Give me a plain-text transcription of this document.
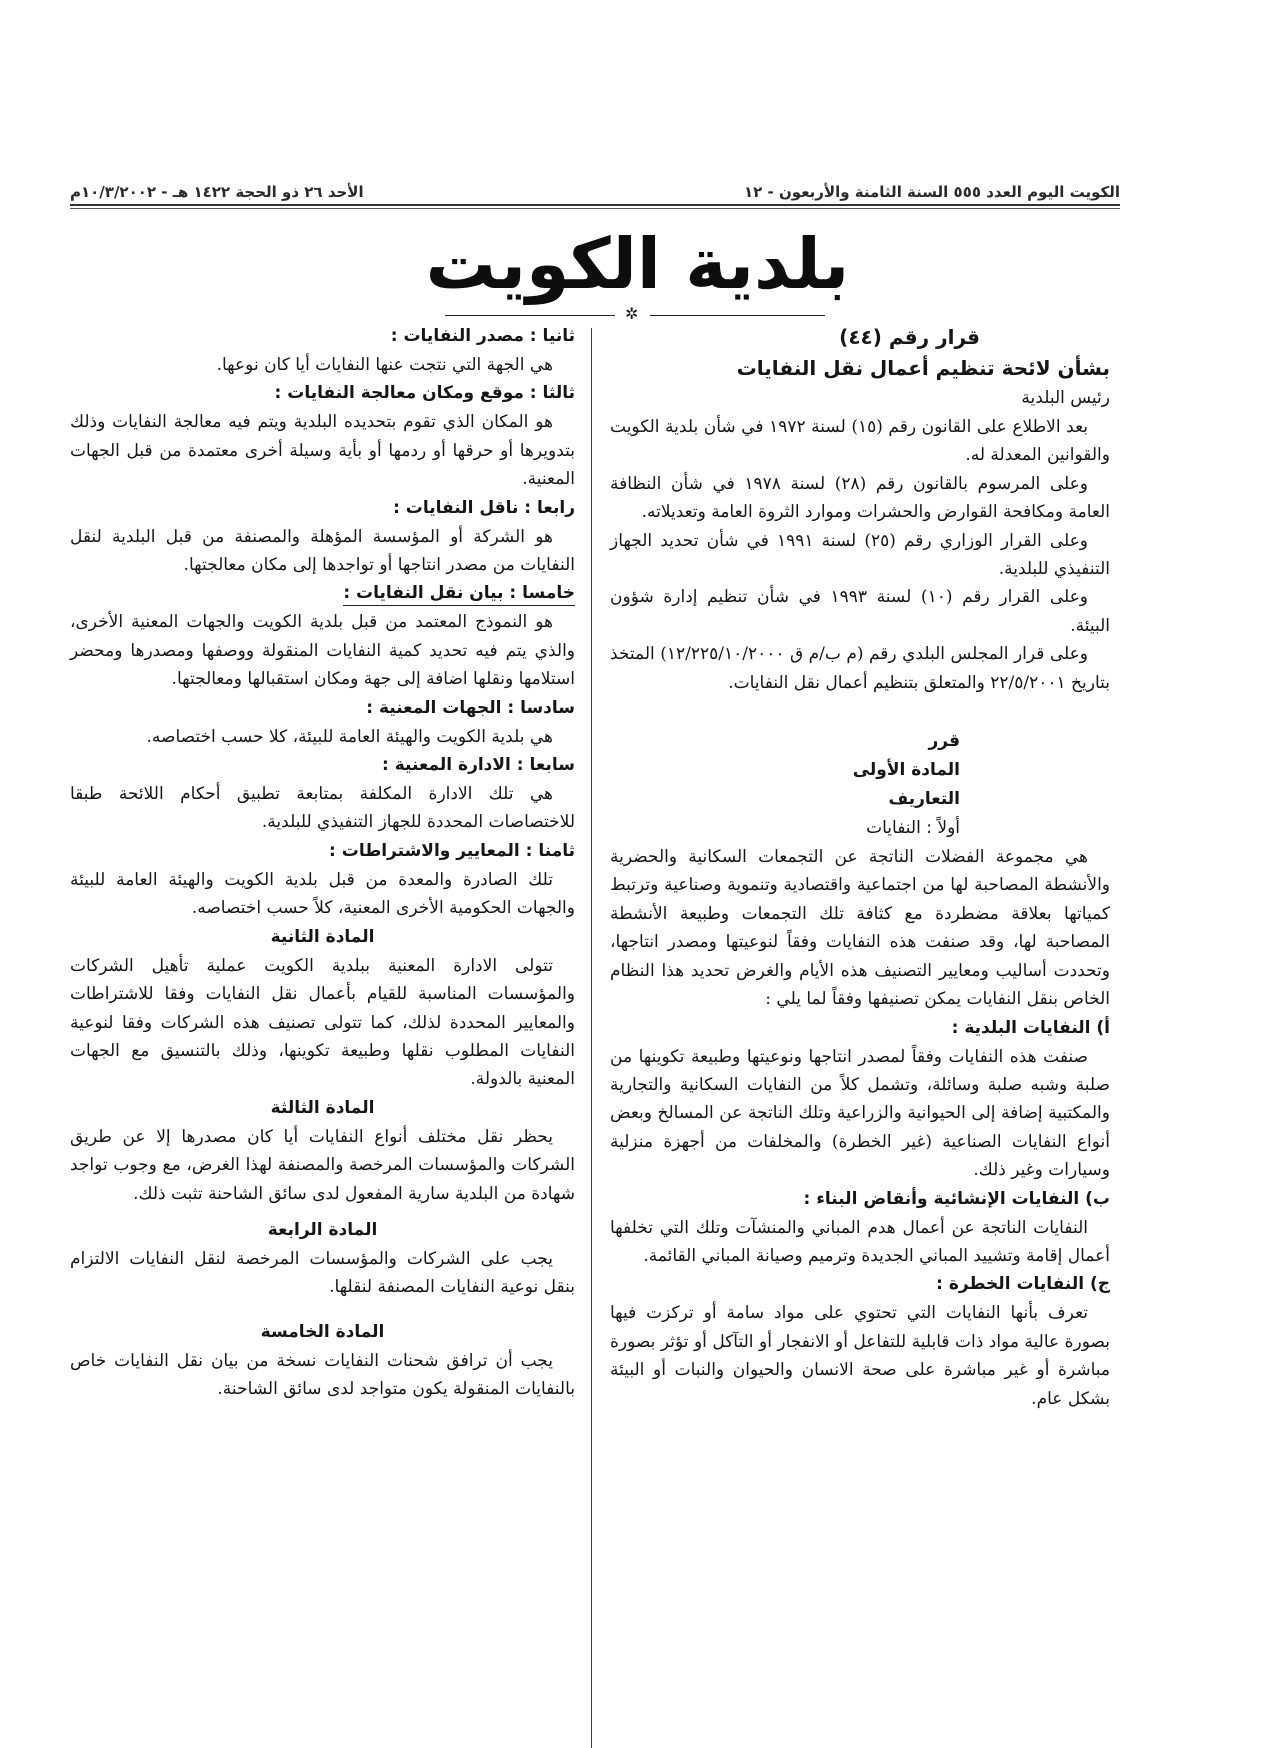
الكويت اليوم العدد ٥٥٥ السنة الثامنة والأربعون - ١٢
الأحد ٢٦ ذو الحجة ١٤٢٢ هـ - ١٠/٣/٢٠٠٢م
بلدية الكويت
✲
قرار رقم (٤٤)
بشأن لائحة تنظيم أعمال نقل النفايات

رئيس البلدية

بعد الاطلاع على القانون رقم (١٥) لسنة ١٩٧٢ في شأن بلدية الكويت والقوانين المعدلة له.

وعلى المرسوم بالقانون رقم (٢٨) لسنة ١٩٧٨ في شأن النظافة العامة ومكافحة القوارض والحشرات وموارد الثروة العامة وتعديلاته.

وعلى القرار الوزاري رقم (٢٥) لسنة ١٩٩١ في شأن تحديد الجهاز التنفيذي للبلدية.

وعلى القرار رقم (١٠) لسنة ١٩٩٣ في شأن تنظيم إدارة شؤون البيئة.

وعلى قرار المجلس البلدي رقم (م ب/م ق ١٢/٢٢٥/١٠/٢٠٠٠) المتخذ بتاريخ ٢٢/٥/٢٠٠١ والمتعلق بتنظيم أعمال نقل النفايات.

قرر

المادة الأولى

التعاريف

أولاً : النفايات

هي مجموعة الفضلات الناتجة عن التجمعات السكانية والحضرية والأنشطة المصاحبة لها من اجتماعية واقتصادية وتنموية وصناعية وترتبط كمياتها بعلاقة مضطردة مع كثافة تلك التجمعات وطبيعة الأنشطة المصاحبة لها، وقد صنفت هذه النفايات وفقاً لنوعيتها ومصدر انتاجها، وتحددت أساليب ومعايير التصنيف هذه الأيام والغرض تحديد هذا النظام الخاص بنقل النفايات يمكن تصنيفها وفقاً لما يلي :

أ) النفايات البلدية :

صنفت هذه النفايات وفقاً لمصدر انتاجها ونوعيتها وطبيعة تكوينها من صلبة وشبه صلبة وسائلة، وتشمل كلاً من النفايات السكانية والتجارية والمكتبية إضافة إلى الحيوانية والزراعية وتلك الناتجة عن المسالخ وبعض أنواع النفايات الصناعية (غير الخطرة) والمخلفات من أجهزة منزلية وسيارات وغير ذلك.

ب) النفايات الإنشائية وأنقاض البناء :

النفايات الناتجة عن أعمال هدم المباني والمنشآت وتلك التي تخلفها أعمال إقامة وتشييد المباني الجديدة وترميم وصيانة المباني القائمة.

ج) النفايات الخطرة :

تعرف بأنها النفايات التي تحتوي على مواد سامة أو تركزت فيها بصورة عالية مواد ذات قابلية للتفاعل أو الانفجار أو التآكل أو تؤثر بصورة مباشرة أو غير مباشرة على صحة الانسان والحيوان والنبات أو البيئة بشكل عام.

ثانيا : مصدر النفايات :

هي الجهة التي نتجت عنها النفايات أيا كان نوعها.

ثالثا : موقع ومكان معالجة النفايات :

هو المكان الذي تقوم بتحديده البلدية ويتم فيه معالجة النفايات وذلك بتدويرها أو حرقها أو ردمها أو بأية وسيلة أخرى معتمدة من قبل الجهات المعنية.

رابعا : ناقل النفايات :

هو الشركة أو المؤسسة المؤهلة والمصنفة من قبل البلدية لنقل النفايات من مصدر انتاجها أو تواجدها إلى مكان معالجتها.

خامسا : بيان نقل النفايات :

هو النموذج المعتمد من قبل بلدية الكويت والجهات المعنية الأخرى، والذي يتم فيه تحديد كمية النفايات المنقولة ووصفها ومصدرها ومحضر استلامها ونقلها اضافة إلى جهة ومكان استقبالها ومعالجتها.

سادسا : الجهات المعنية :

هي بلدية الكويت والهيئة العامة للبيئة، كلا حسب اختصاصه.

سابعا : الادارة المعنية :

هي تلك الادارة المكلفة بمتابعة تطبيق أحكام اللائحة طبقا للاختصاصات المحددة للجهاز التنفيذي للبلدية.

ثامنا : المعايير والاشتراطات :

تلك الصادرة والمعدة من قبل بلدية الكويت والهيئة العامة للبيئة والجهات الحكومية الأخرى المعنية، كلاً حسب اختصاصه.

المادة الثانية

تتولى الادارة المعنية ببلدية الكويت عملية تأهيل الشركات والمؤسسات المناسبة للقيام بأعمال نقل النفايات وفقا للاشتراطات والمعايير المحددة لذلك، كما تتولى تصنيف هذه الشركات وفقا لنوعية النفايات المطلوب نقلها وطبيعة تكوينها، وذلك بالتنسيق مع الجهات المعنية بالدولة.

المادة الثالثة

يحظر نقل مختلف أنواع النفايات أيا كان مصدرها إلا عن طريق الشركات والمؤسسات المرخصة والمصنفة لهذا الغرض، مع وجوب تواجد شهادة من البلدية سارية المفعول لدى سائق الشاحنة تثبت ذلك.

المادة الرابعة

يجب على الشركات والمؤسسات المرخصة لنقل النفايات الالتزام بنقل نوعية النفايات المصنفة لنقلها.

المادة الخامسة

يجب أن ترافق شحنات النفايات نسخة من بيان نقل النفايات خاص بالنفايات المنقولة يكون متواجد لدى سائق الشاحنة.
